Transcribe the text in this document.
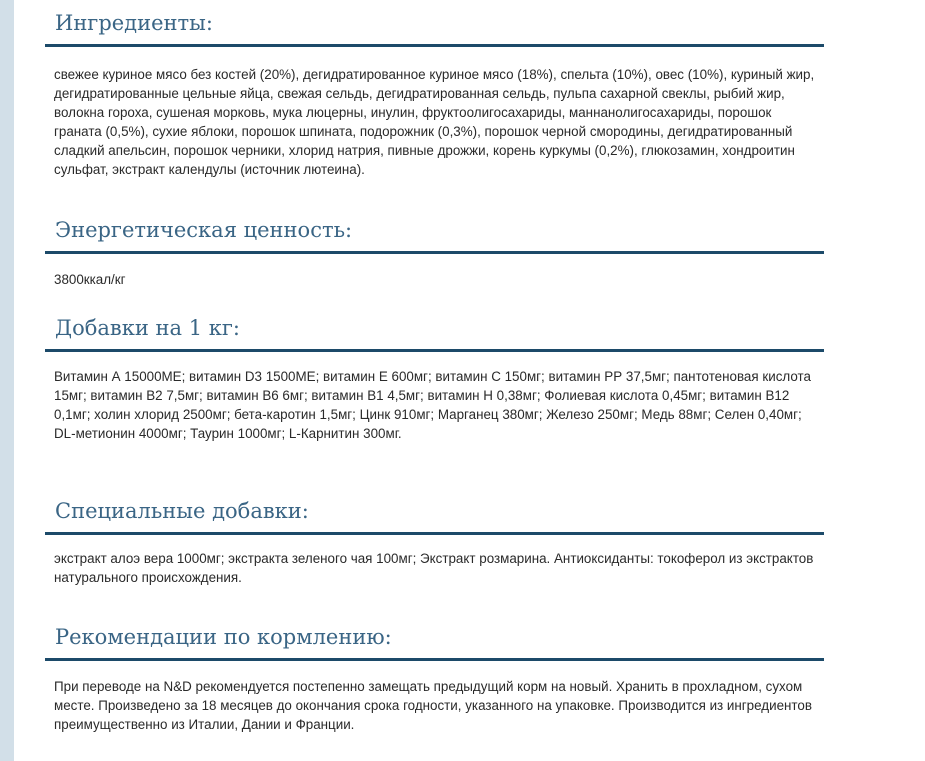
Ингредиенты:

свежее куриное мясо без костей (20%), дегидратированное куриное мясо (18%), спельта (10%), овес (10%), куриный жир, дегидратированные цельные яйца, свежая сельдь, дегидратированная сельдь, пульпа сахарной свеклы, рыбий жир, волокна гороха, сушеная морковь, мука люцерны, инулин, фруктоолигосахариды, маннанолигосахариды, порошок граната (0,5%), сухие яблоки, порошок шпината, подорожник (0,3%), порошок черной смородины, дегидратированный сладкий апельсин, порошок черники, хлорид натрия, пивные дрожжи, корень куркумы (0,2%), глюкозамин, хондроитин сульфат, экстракт календулы (источник лютеина).

Энергетическая ценность:

3800ккал/кг

Добавки на 1 кг:

Витамин А 15000МЕ; витамин D3 1500МЕ; витамин Е 600мг; витамин С 150мг; витамин РР 37,5мг; пантотеновая кислота 15мг; витамин В2 7,5мг; витамин В6 6мг; витамин В1 4,5мг; витамин Н 0,38мг; Фолиевая кислота 0,45мг; витамин В12 0,1мг; холин хлорид 2500мг; бета-каротин 1,5мг; Цинк 910мг; Марганец 380мг; Железо 250мг; Медь 88мг; Селен 0,40мг; DL-метионин 4000мг; Таурин 1000мг; L-Карнитин 300мг.

Специальные добавки:

экстракт алоэ вера 1000мг; экстракта зеленого чая 100мг; Экстракт розмарина. Антиоксиданты: токоферол из экстрактов натурального происхождения.

Рекомендации по кормлению:

При переводе на N&D рекомендуется постепенно замещать предыдущий корм на новый. Хранить в прохладном, сухом месте. Произведено за 18 месяцев до окончания срока годности, указанного на упаковке. Производится из ингредиентов преимущественно из Италии, Дании и Франции.
